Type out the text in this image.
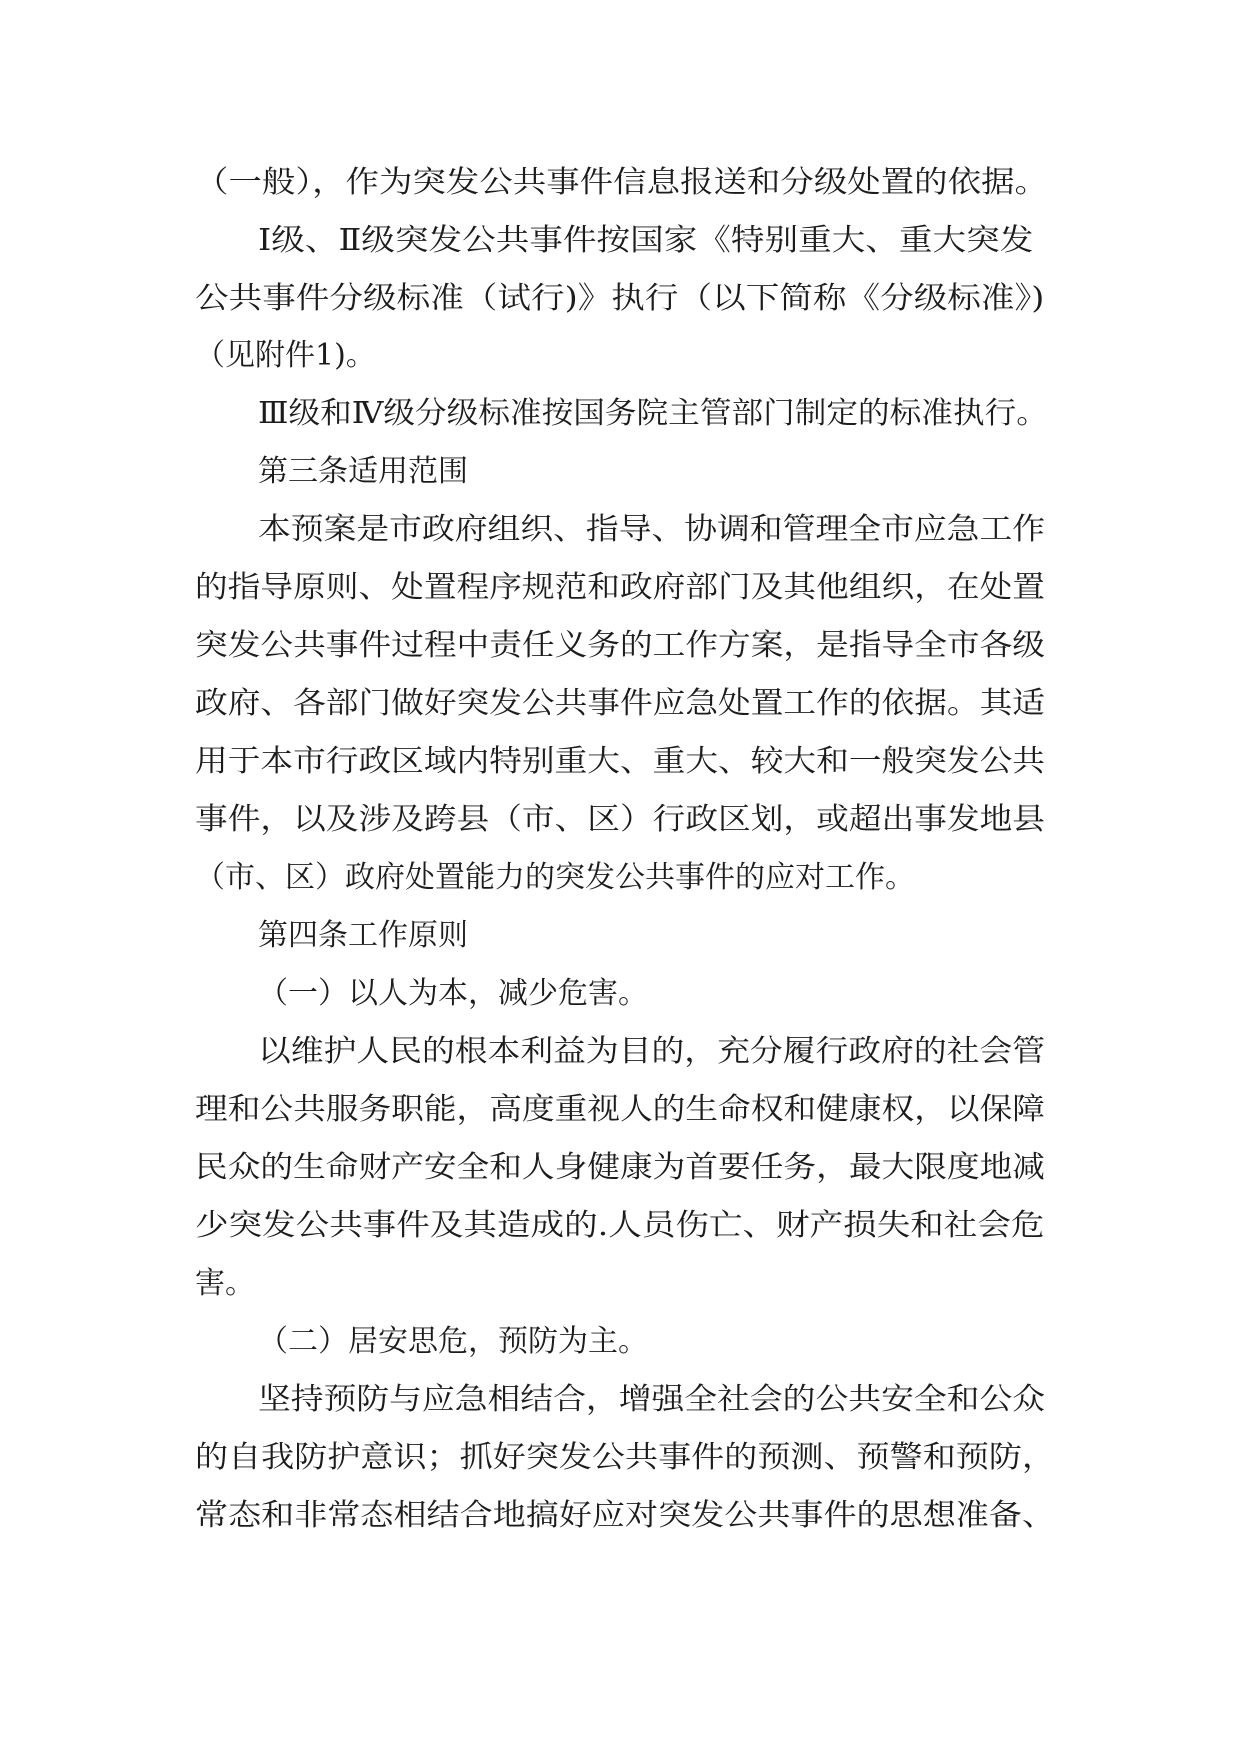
（一般），作为突发公共事件信息报送和分级处置的依据。
Ⅰ级、Ⅱ级突发公共事件按国家《特别重大、重大突发
公共事件分级标准（试行)》执行（以下简称《分级标准》)
（见附件1)。
Ⅲ级和Ⅳ级分级标准按国务院主管部门制定的标准执行。
第三条适用范围
本预案是市政府组织、指导、协调和管理全市应急工作
的指导原则、处置程序规范和政府部门及其他组织，在处置
突发公共事件过程中责任义务的工作方案，是指导全市各级
政府、各部门做好突发公共事件应急处置工作的依据。其适
用于本市行政区域内特别重大、重大、较大和一般突发公共
事件，以及涉及跨县（市、区）行政区划，或超出事发地县
（市、区）政府处置能力的突发公共事件的应对工作。
第四条工作原则
（一）以人为本，减少危害。
以维护人民的根本利益为目的，充分履行政府的社会管
理和公共服务职能，高度重视人的生命权和健康权，以保障
民众的生命财产安全和人身健康为首要任务，最大限度地减
少突发公共事件及其造成的.人员伤亡、财产损失和社会危
害。
（二）居安思危，预防为主。
坚持预防与应急相结合，增强全社会的公共安全和公众
的自我防护意识；抓好突发公共事件的预测、预警和预防，
常态和非常态相结合地搞好应对突发公共事件的思想准备、
